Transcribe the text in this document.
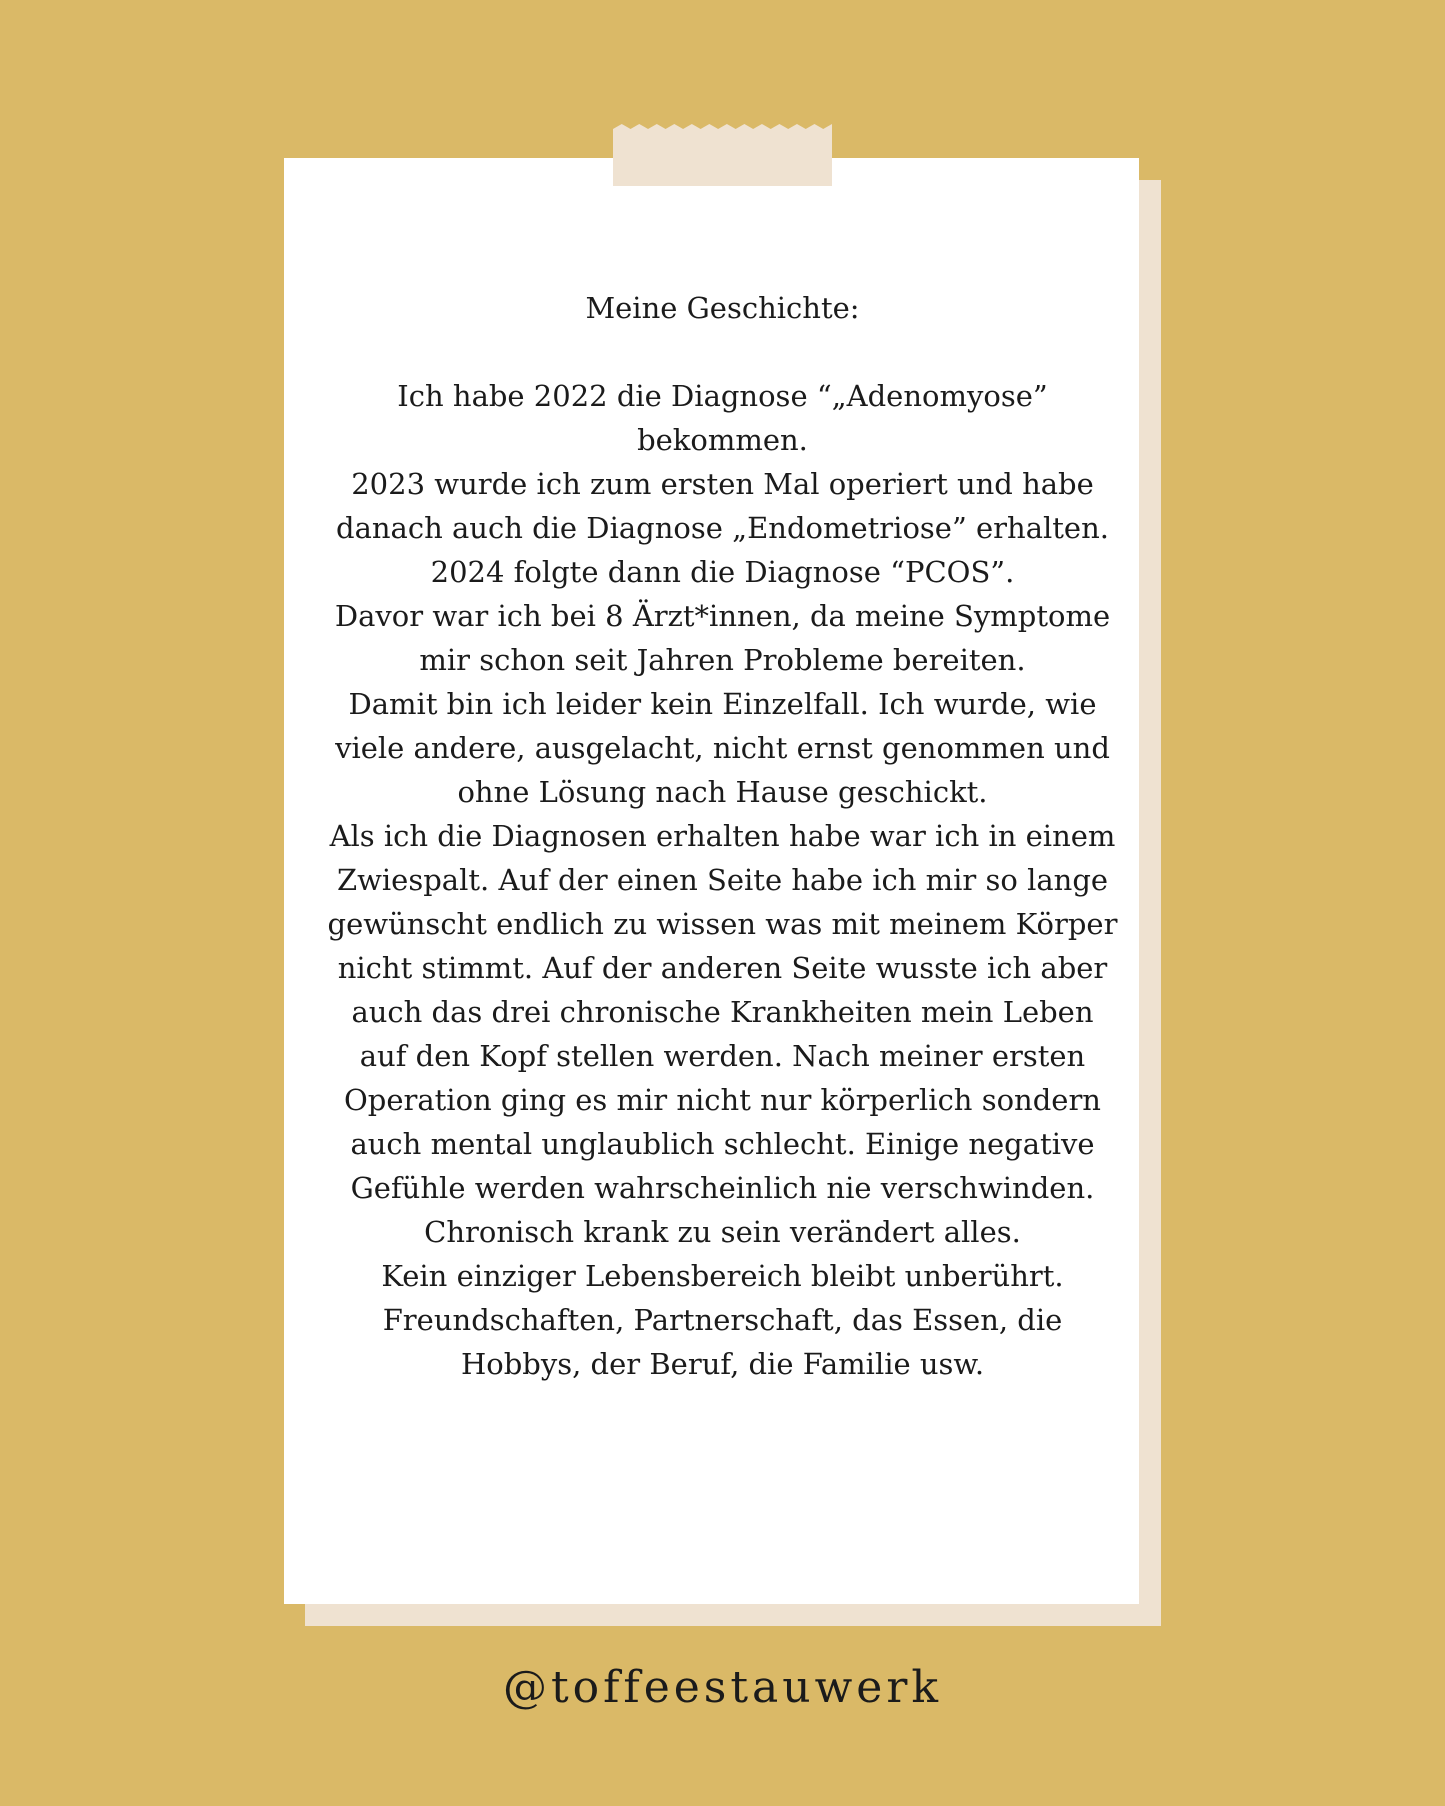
Meine Geschichte:

Ich habe 2022 die Diagnose “„Adenomyose” bekommen.

2023 wurde ich zum ersten Mal operiert und habe danach auch die Diagnose „Endometriose” erhalten.

2024 folgte dann die Diagnose “PCOS”.

Davor war ich bei 8 Ärzt*innen, da meine Symptome mir schon seit Jahren Probleme bereiten.

Damit bin ich leider kein Einzelfall. Ich wurde, wie viele andere, ausgelacht, nicht ernst genommen und ohne Lösung nach Hause geschickt.

Als ich die Diagnosen erhalten habe war ich in einem Zwiespalt. Auf der einen Seite habe ich mir so lange gewünscht endlich zu wissen was mit meinem Körper nicht stimmt. Auf der anderen Seite wusste ich aber auch das drei chronische Krankheiten mein Leben auf den Kopf stellen werden. Nach meiner ersten Operation ging es mir nicht nur körperlich sondern auch mental unglaublich schlecht. Einige negative Gefühle werden wahrscheinlich nie verschwinden.

Chronisch krank zu sein verändert alles.

Kein einziger Lebensbereich bleibt unberührt.

Freundschaften, Partnerschaft, das Essen, die Hobbys, der Beruf, die Familie usw.

@toffeestauwerk
